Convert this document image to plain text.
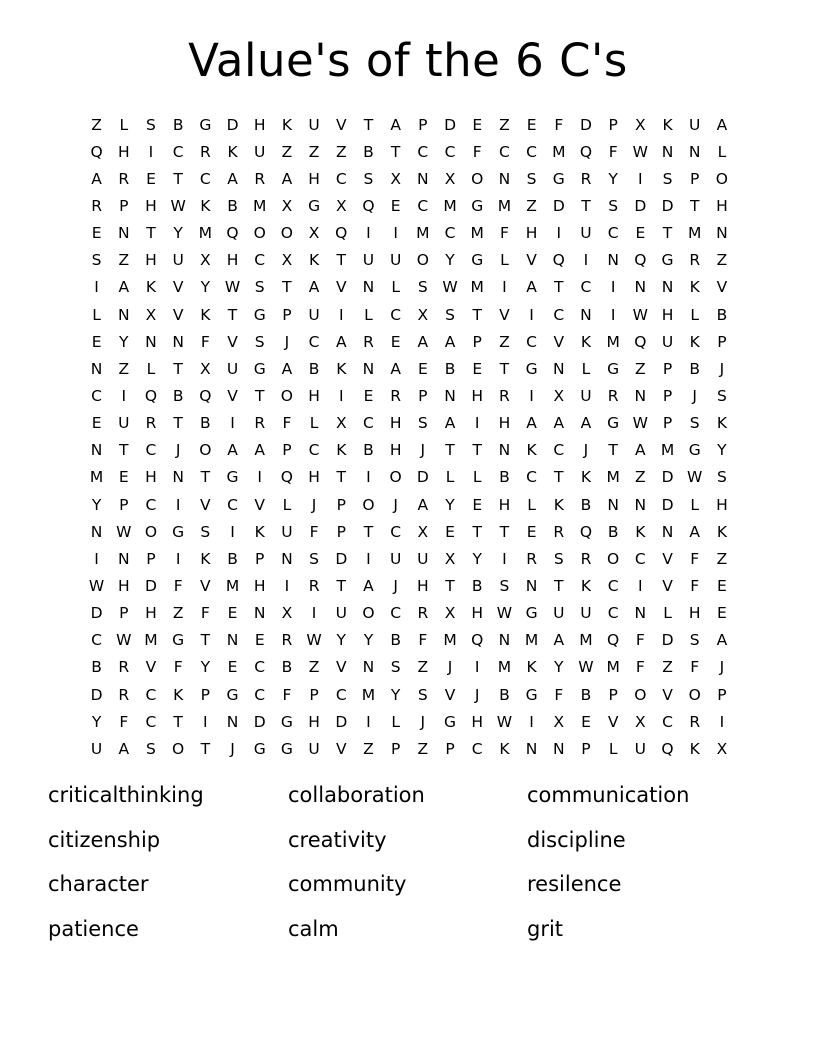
Value's of the 6 C's
Z	L	S	B	G D H	K	U	V	T	A	P	D	E	Z	E	F	D	P	X	K	U	A
Q H	I	C	R	K	U	Z	Z	Z	B	T	C	C	F	C	C M Q	F W N	N	L
A	R	E	T	C	A	R	A	H	C	S	X	N	X	O N	S	G	R	Y	I	S	P	O
R	P	H W K	B M X	G	X	Q	E	C M G M Z	D	T	S	D D	T	H
E	N	T	Y	M Q O O	X	Q	I	I	M C M	F	H	I	U	C	E	T	M N
S	Z	H	U	X	H	C	X	K	T	U	U O	Y	G	L	V	Q	I	N Q G	R	Z
I	A	K	V	Y W S	T	A	V	N	L	S W M	I	A	T	C	I	N	N	K	V
L	N	X	V	K	T	G	P	U	I	L	C	X	S	T	V	I	C	N	I	W H	L	B
E	Y	N	N	F	V	S	J	C	A	R	E	A	A	P	Z	C	V	K M Q U	K	P
N	Z	L	T	X	U	G	A	B	K	N	A	E	B	E	T	G N	L	G	Z	P	B	J
C	I	Q	B	Q	V	T	O H	I	E	R	P	N	H	R	I	X	U	R	N	P	J	S
E	U	R	T	B	I	R	F	L	X	C	H	S	A	I	H	A	A	A	G W P	S	K
N	T	C	J	O	A	A	P	C	K	B	H	J	T	T	N	K	C	J	T	A M G	Y
M	E	H	N	T	G	I	Q H	T	I	O D	L	L	B	C	T	K M Z	D W S
Y	P	C	I	V	C	V	L	J	P	O	J	A	Y	E	H	L	K	B	N	N D	L	H
N W O G	S	I	K	U	F	P	T	C	X	E	T	T	E	R	Q	B	K	N	A	K
I	N	P	I	K	B	P	N	S	D	I	U	U	X	Y	I	R	S	R	O	C	V	F	Z
W H D	F	V M H	I	R	T	A	J	H	T	B	S	N	T	K	C	I	V	F	E
D	P	H	Z	F	E	N	X	I	U O	C	R	X	H W G	U	U	C	N	L	H	E
C W M G	T	N	E	R W Y	Y	B	F	M Q N M A M Q	F	D	S	A
B	R	V	F	Y	E	C	B	Z	V	N	S	Z	J	I	M K	Y W M	F	Z	F	J
D	R	C	K	P	G	C	F	P	C M	Y	S	V	J	B	G	F	B	P	O	V	O	P
Y	F	C	T	I	N D G H D	I	L	J	G H W	I	X	E	V	X	C	R	I
U	A	S	O	T	J	G G	U	V	Z	P	Z	P	C	K	N	N	P	L	U Q	K	X
criticalthinking
citizenship
character
patience
collaboration
creativity
community
calm
communication
discipline
resilence
grit
